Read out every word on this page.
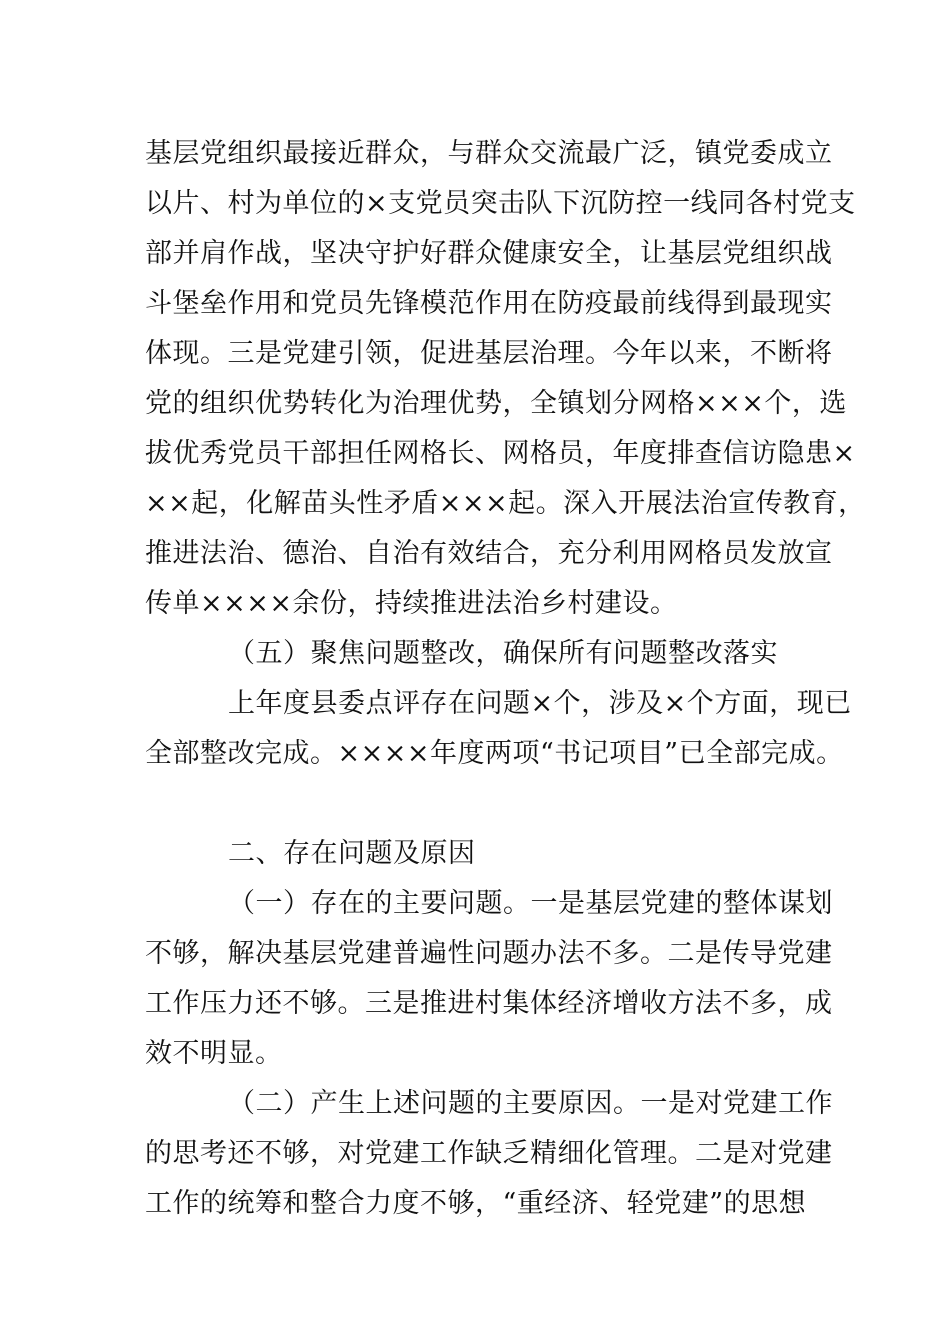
基层党组织最接近群众，与群众交流最广泛，镇党委成立
以片、村为单位的×支党员突击队下沉防控一线同各村党支
部并肩作战，坚决守护好群众健康安全，让基层党组织战
斗堡垒作用和党员先锋模范作用在防疫最前线得到最现实
体现。三是党建引领，促进基层治理。今年以来，不断将
党的组织优势转化为治理优势，全镇划分网格×××个，选
拔优秀党员干部担任网格长、网格员，年度排查信访隐患×
××起，化解苗头性矛盾×××起。深入开展法治宣传教育，
推进法治、德治、自治有效结合，充分利用网格员发放宣
传单××××余份，持续推进法治乡村建设。
（五）聚焦问题整改，确保所有问题整改落实
上年度县委点评存在问题×个，涉及×个方面，现已
全部整改完成。××××年度两项“书记项目”已全部完成。
二、存在问题及原因
（一）存在的主要问题。一是基层党建的整体谋划
不够，解决基层党建普遍性问题办法不多。二是传导党建
工作压力还不够。三是推进村集体经济增收方法不多，成
效不明显。
（二）产生上述问题的主要原因。一是对党建工作
的思考还不够，对党建工作缺乏精细化管理。二是对党建
工作的统筹和整合力度不够，“重经济、轻党建”的思想
